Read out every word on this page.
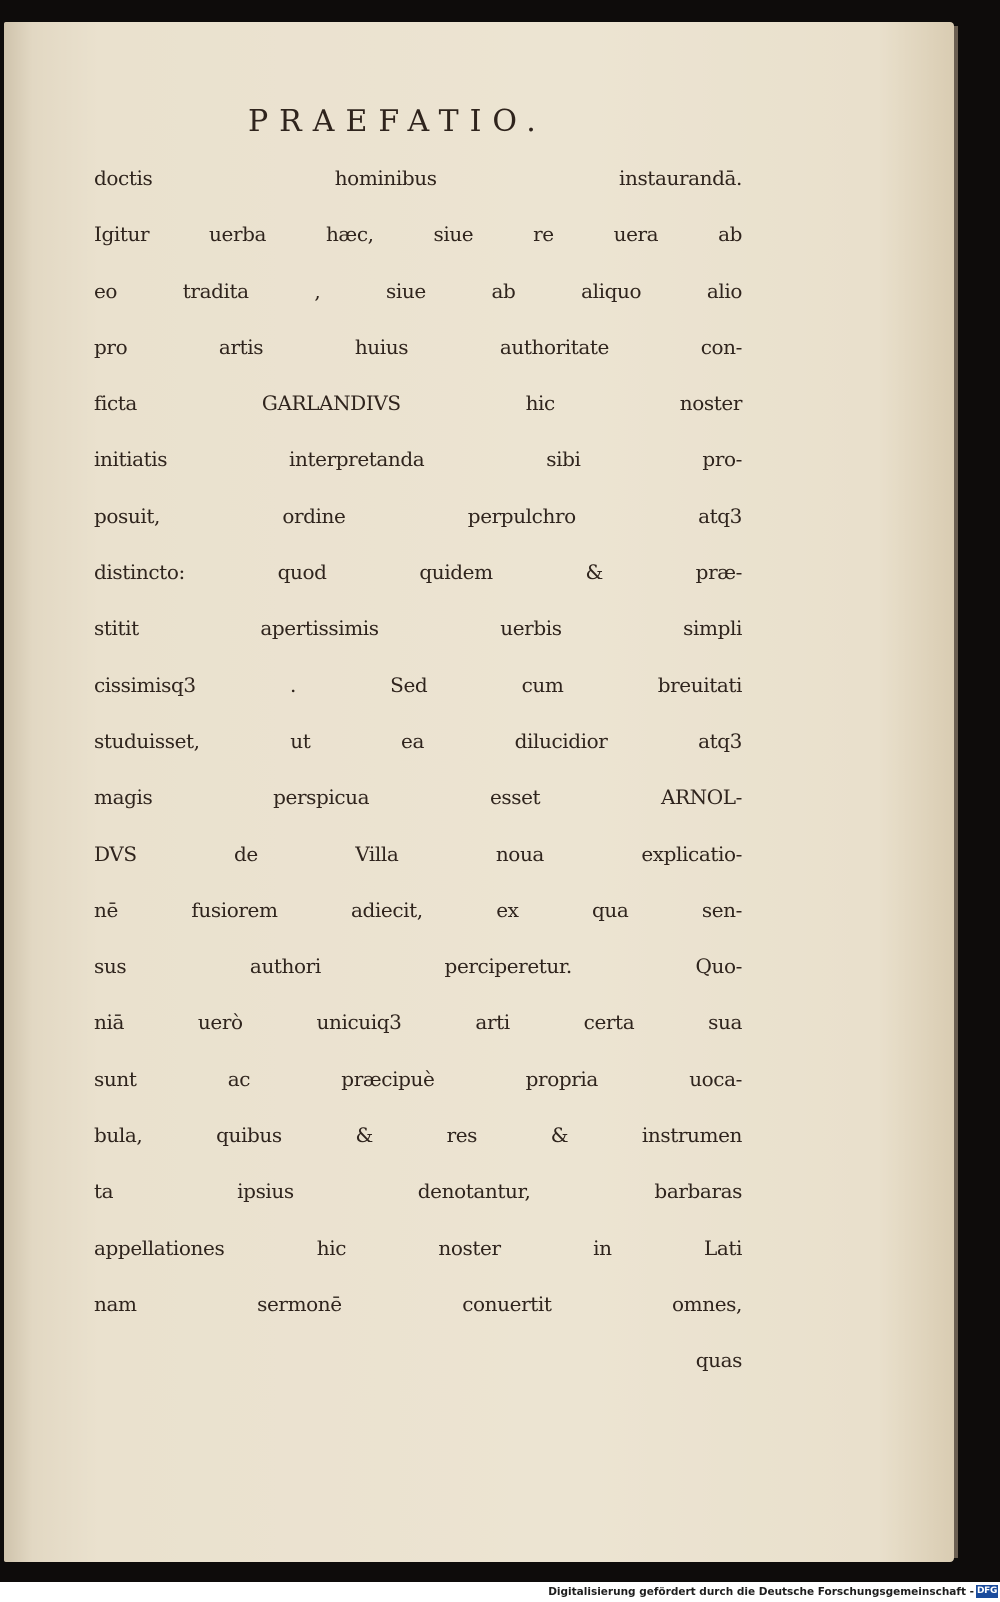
PRAEFATIO.
doctis hominibus instaurandā.
Igitur uerba hæc, siue re uera ab
eo tradita , siue ab aliquo alio
pro artis huius authoritate con-
ficta GARLANDIVS hic noster
initiatis interpretanda sibi pro-
posuit, ordine perpulchro atq3
distincto: quod quidem & præ-
stitit apertissimis uerbis simpli
cissimisq3 . Sed cum breuitati
studuisset, ut ea dilucidior atq3
magis perspicua esset ARNOL-
DVS de Villa noua explicatio-
nē fusiorem adiecit, ex qua sen-
sus authori perciperetur. Quo-
niā uerò unicuiq3 arti certa sua
sunt ac præcipuè propria uoca-
bula, quibus & res & instrumen
ta ipsius denotantur, barbaras
appellationes hic noster in Lati
nam sermonē conuertit omnes,
quas
Digitalisierung gefördert durch die Deutsche Forschungsgemeinschaft - DFG
